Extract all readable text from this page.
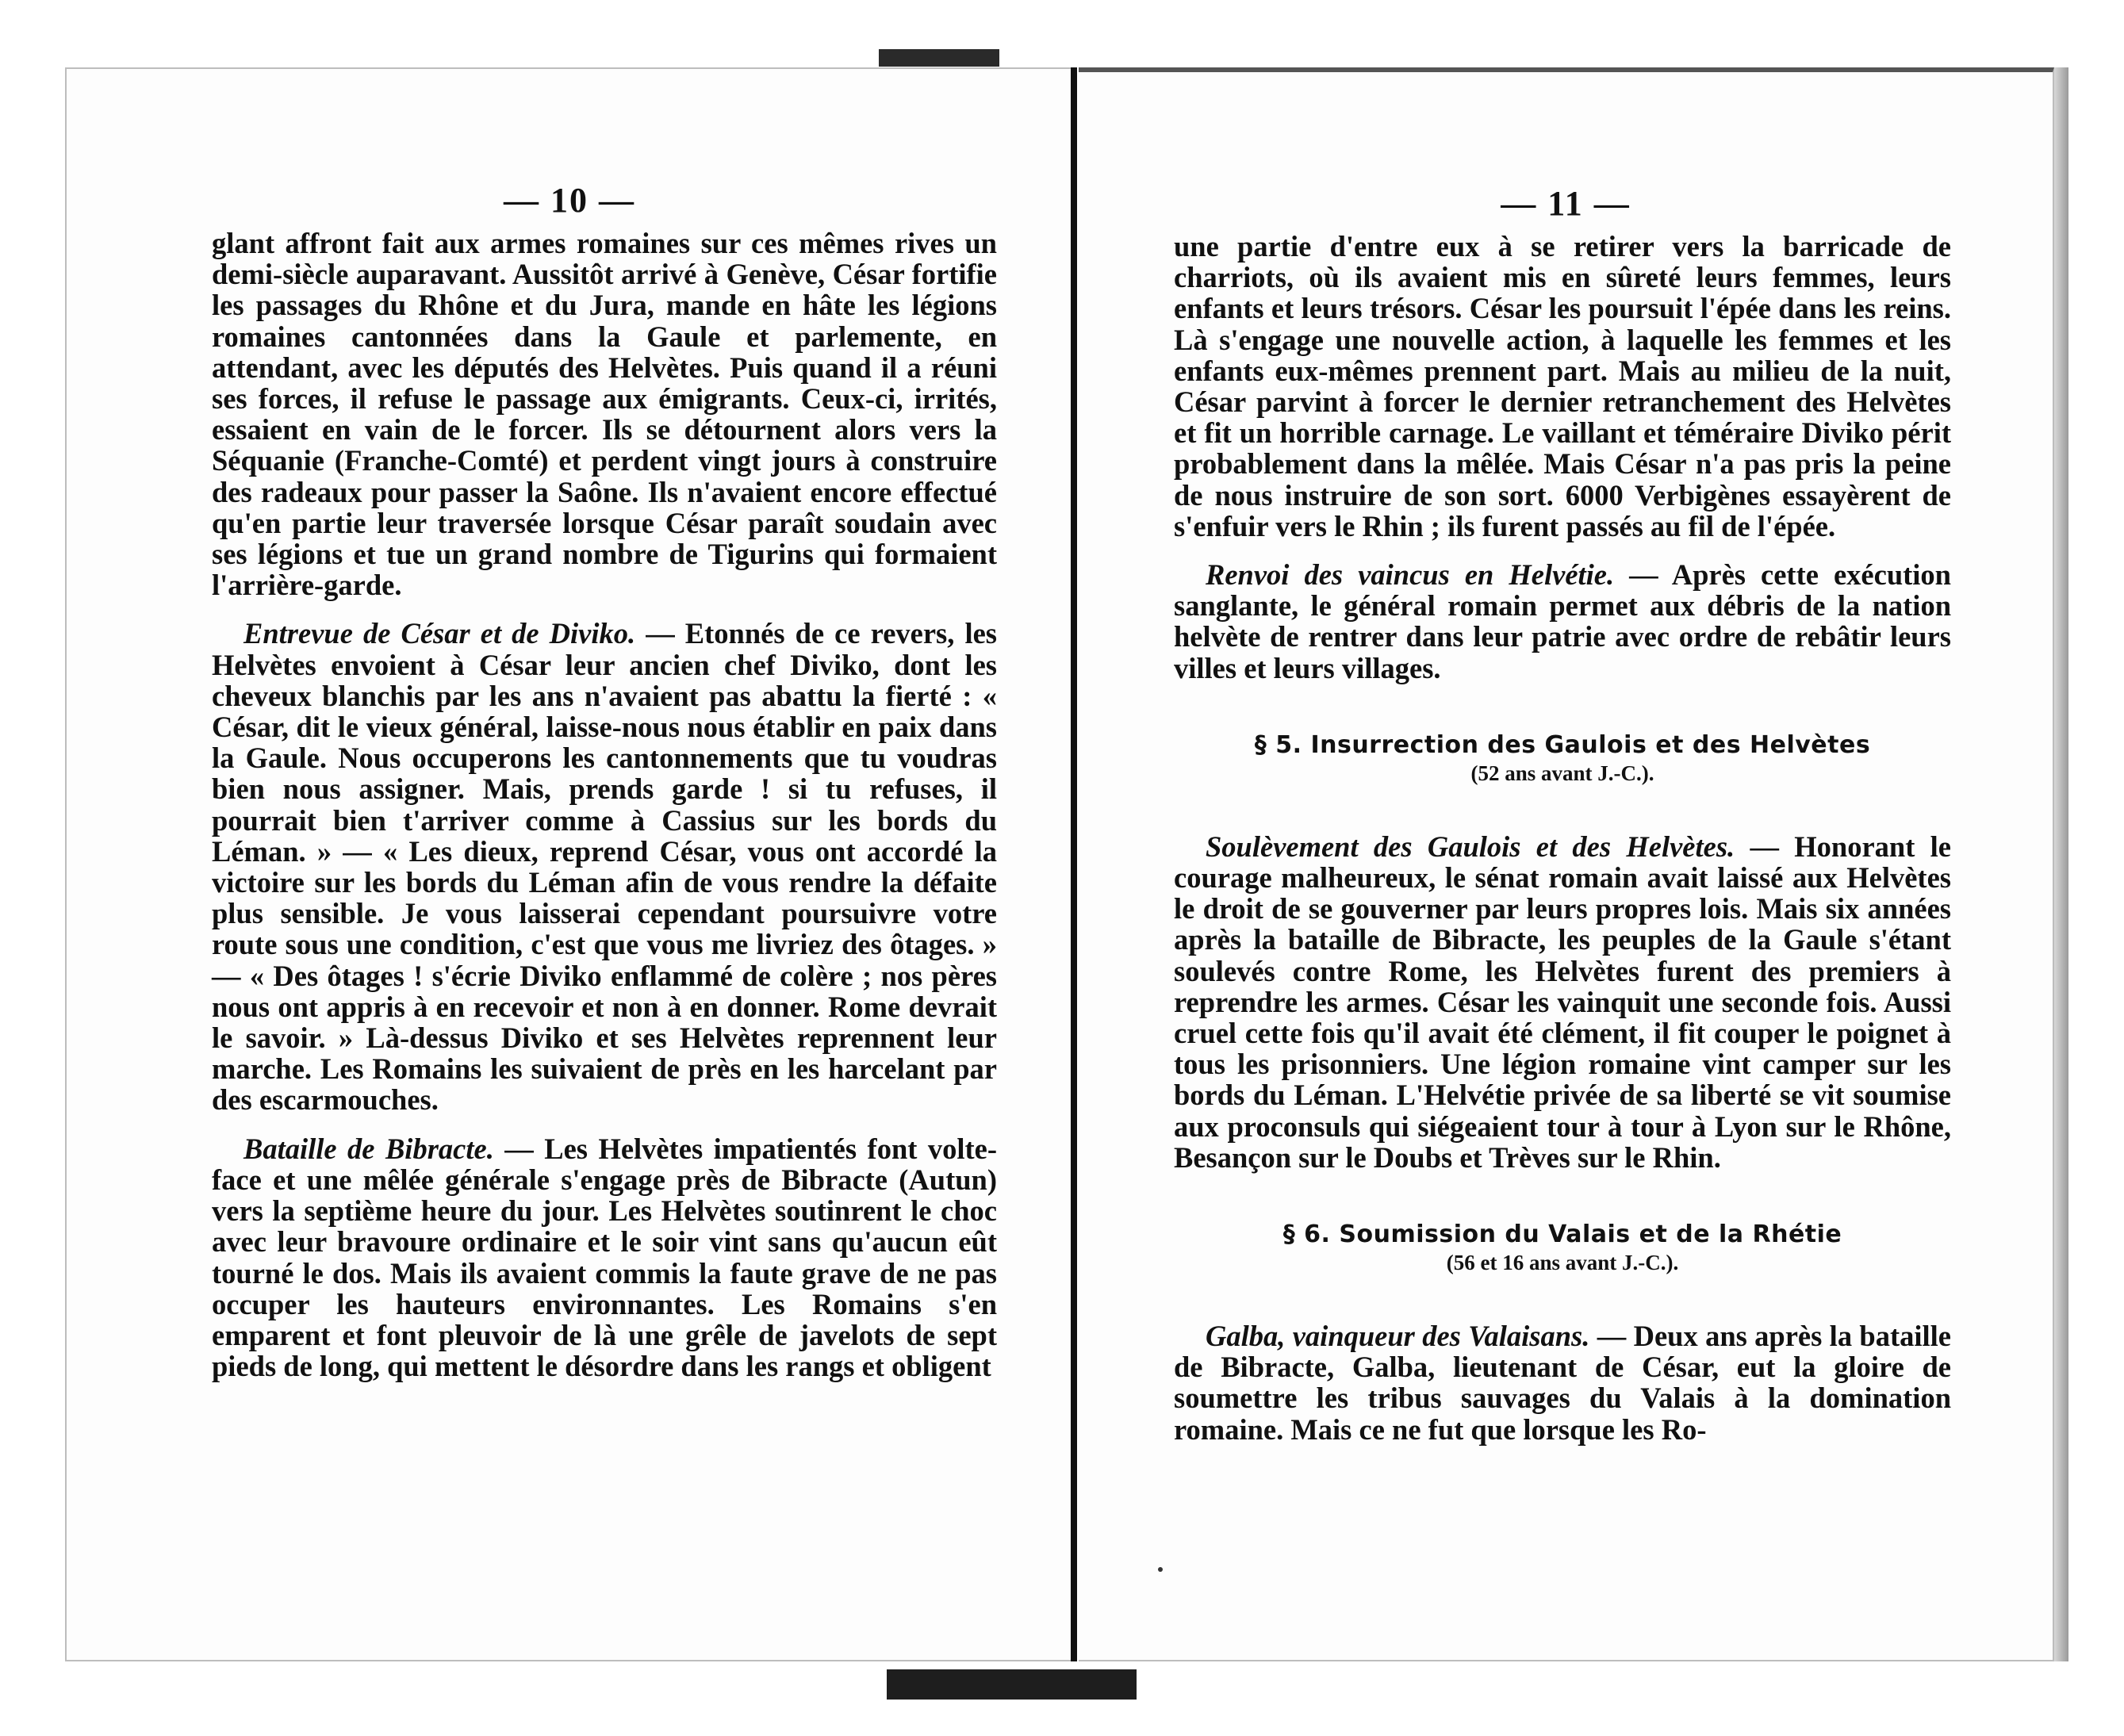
— 10 —

glant affront fait aux armes romaines sur ces mêmes rives un demi-siècle auparavant. Aussitôt arrivé à Genève, César fortifie les passages du Rhône et du Jura, mande en hâte les légions romaines cantonnées dans la Gaule et parlemente, en attendant, avec les députés des Helvètes. Puis quand il a réuni ses forces, il refuse le passage aux émigrants. Ceux-ci, irrités, essaient en vain de le forcer. Ils se détournent alors vers la Séquanie (Franche-Comté) et perdent vingt jours à construire des radeaux pour passer la Saône. Ils n'avaient encore effectué qu'en partie leur traversée lorsque César paraît soudain avec ses légions et tue un grand nombre de Tigurins qui formaient l'arrière-garde.

Entrevue de César et de Diviko. — Etonnés de ce revers, les Helvètes envoient à César leur ancien chef Diviko, dont les cheveux blanchis par les ans n'avaient pas abattu la fierté : « César, dit le vieux général, laisse-nous nous établir en paix dans la Gaule. Nous occuperons les cantonnements que tu voudras bien nous assigner. Mais, prends garde ! si tu refuses, il pourrait bien t'arriver comme à Cassius sur les bords du Léman. » — « Les dieux, reprend César, vous ont accordé la victoire sur les bords du Léman afin de vous rendre la défaite plus sensible. Je vous laisserai cependant poursuivre votre route sous une condition, c'est que vous me livriez des ôtages. » — « Des ôtages ! s'écrie Diviko enflammé de colère ; nos pères nous ont appris à en recevoir et non à en donner. Rome devrait le savoir. » Là-dessus Diviko et ses Helvètes reprennent leur marche. Les Romains les suivaient de près en les harcelant par des escarmouches.

Bataille de Bibracte. — Les Helvètes impatientés font volte-face et une mêlée générale s'engage près de Bibracte (Autun) vers la septième heure du jour. Les Helvètes soutinrent le choc avec leur bravoure ordinaire et le soir vint sans qu'aucun eût tourné le dos. Mais ils avaient commis la faute grave de ne pas occuper les hauteurs environnantes. Les Romains s'en emparent et font pleuvoir de là une grêle de javelots de sept pieds de long, qui mettent le désordre dans les rangs et obligent

— 11 —

une partie d'entre eux à se retirer vers la barricade de charriots, où ils avaient mis en sûreté leurs femmes, leurs enfants et leurs trésors. César les poursuit l'épée dans les reins. Là s'engage une nouvelle action, à laquelle les femmes et les enfants eux-mêmes prennent part. Mais au milieu de la nuit, César parvint à forcer le dernier retranchement des Helvètes et fit un horrible carnage. Le vaillant et téméraire Diviko périt probablement dans la mêlée. Mais César n'a pas pris la peine de nous instruire de son sort. 6000 Verbigènes essayèrent de s'enfuir vers le Rhin ; ils furent passés au fil de l'épée.

Renvoi des vaincus en Helvétie. — Après cette exécution sanglante, le général romain permet aux débris de la nation helvète de rentrer dans leur patrie avec ordre de rebâtir leurs villes et leurs villages.

§ 5. Insurrection des Gaulois et des Helvètes
(52 ans avant J.-C.).

Soulèvement des Gaulois et des Helvètes. — Honorant le courage malheureux, le sénat romain avait laissé aux Helvètes le droit de se gouverner par leurs propres lois. Mais six années après la bataille de Bibracte, les peuples de la Gaule s'étant soulevés contre Rome, les Helvètes furent des premiers à reprendre les armes. César les vainquit une seconde fois. Aussi cruel cette fois qu'il avait été clément, il fit couper le poignet à tous les prisonniers. Une légion romaine vint camper sur les bords du Léman. L'Helvétie privée de sa liberté se vit soumise aux proconsuls qui siégeaient tour à tour à Lyon sur le Rhône, Besançon sur le Doubs et Trèves sur le Rhin.

§ 6. Soumission du Valais et de la Rhétie
(56 et 16 ans avant J.-C.).

Galba, vainqueur des Valaisans. — Deux ans après la bataille de Bibracte, Galba, lieutenant de César, eut la gloire de soumettre les tribus sauvages du Valais à la domination romaine. Mais ce ne fut que lorsque les Ro-
